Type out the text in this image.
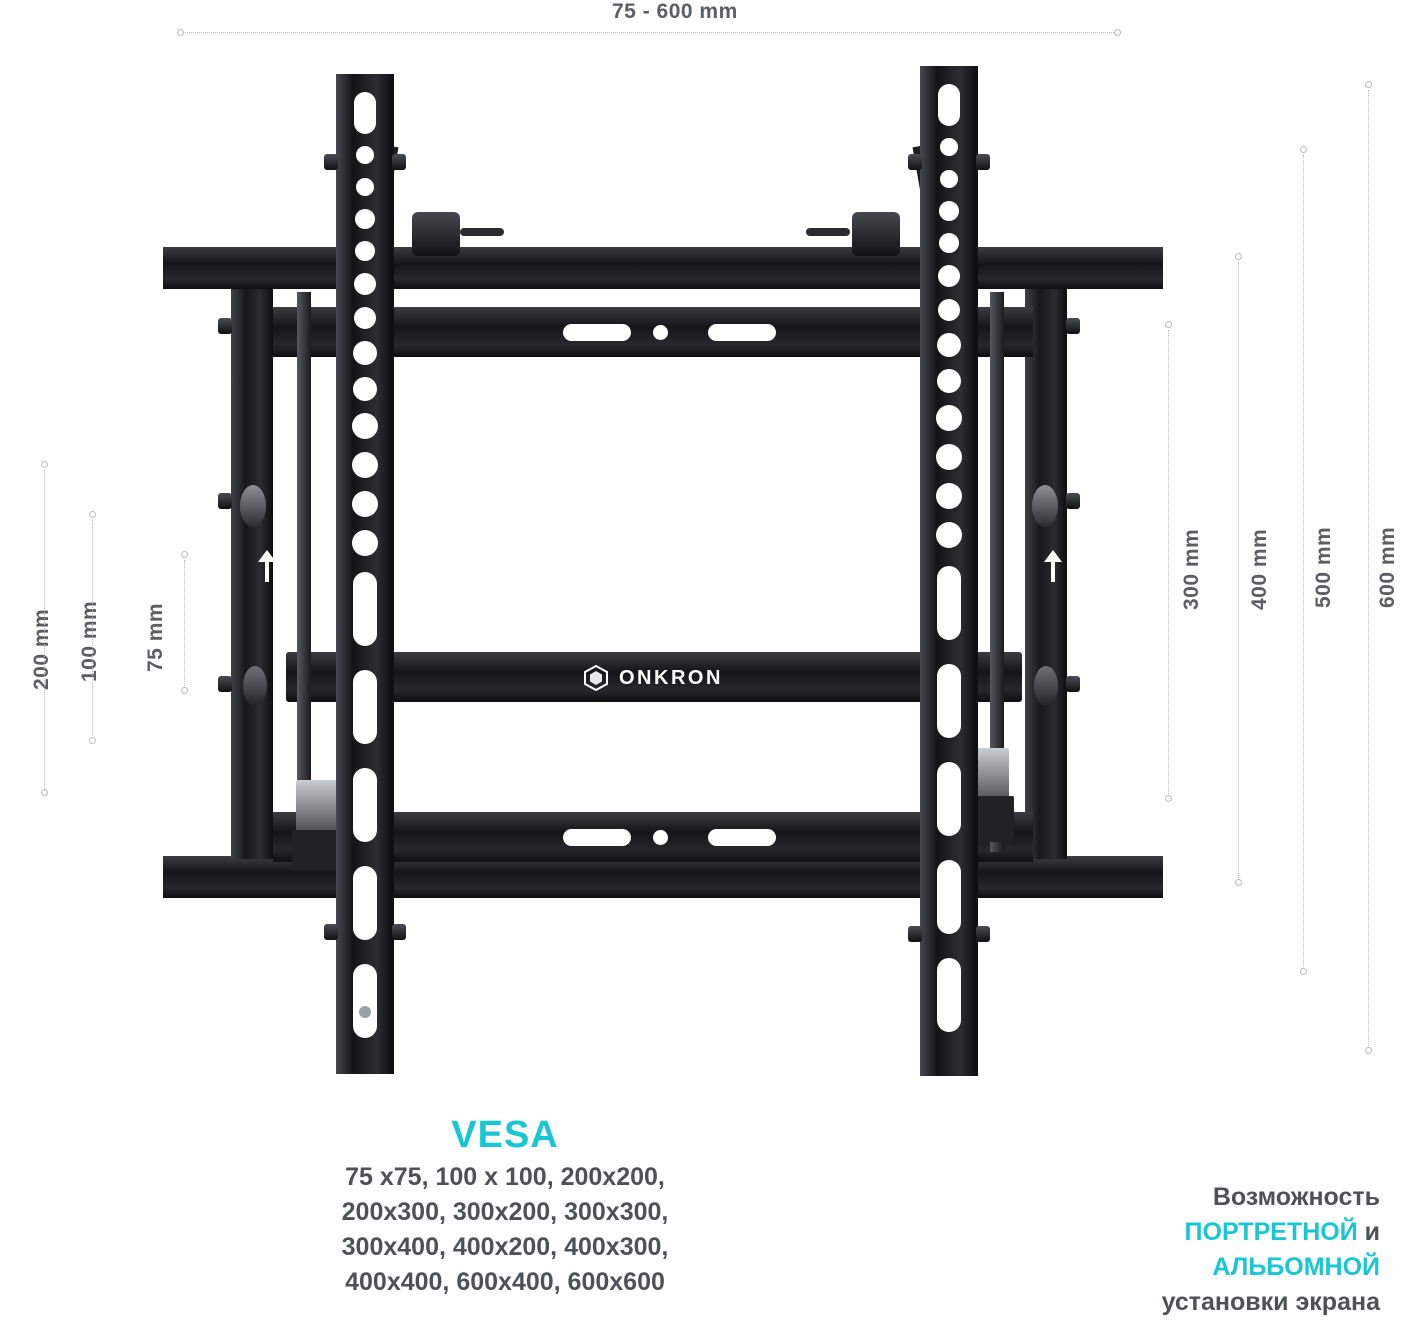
75 - 600 mm
200 mm 100 mm 75 mm
300 mm 400 mm 500 mm 600 mm
ONKRON
VESA
75 x75, 100 x 100, 200x200,
200x300, 300x200, 300x300,
300x400, 400x200, 400x300,
400x400, 600x400, 600x600
Возможность
ПОРТРЕТНОЙ и
АЛЬБОМНОЙ
установки экрана
